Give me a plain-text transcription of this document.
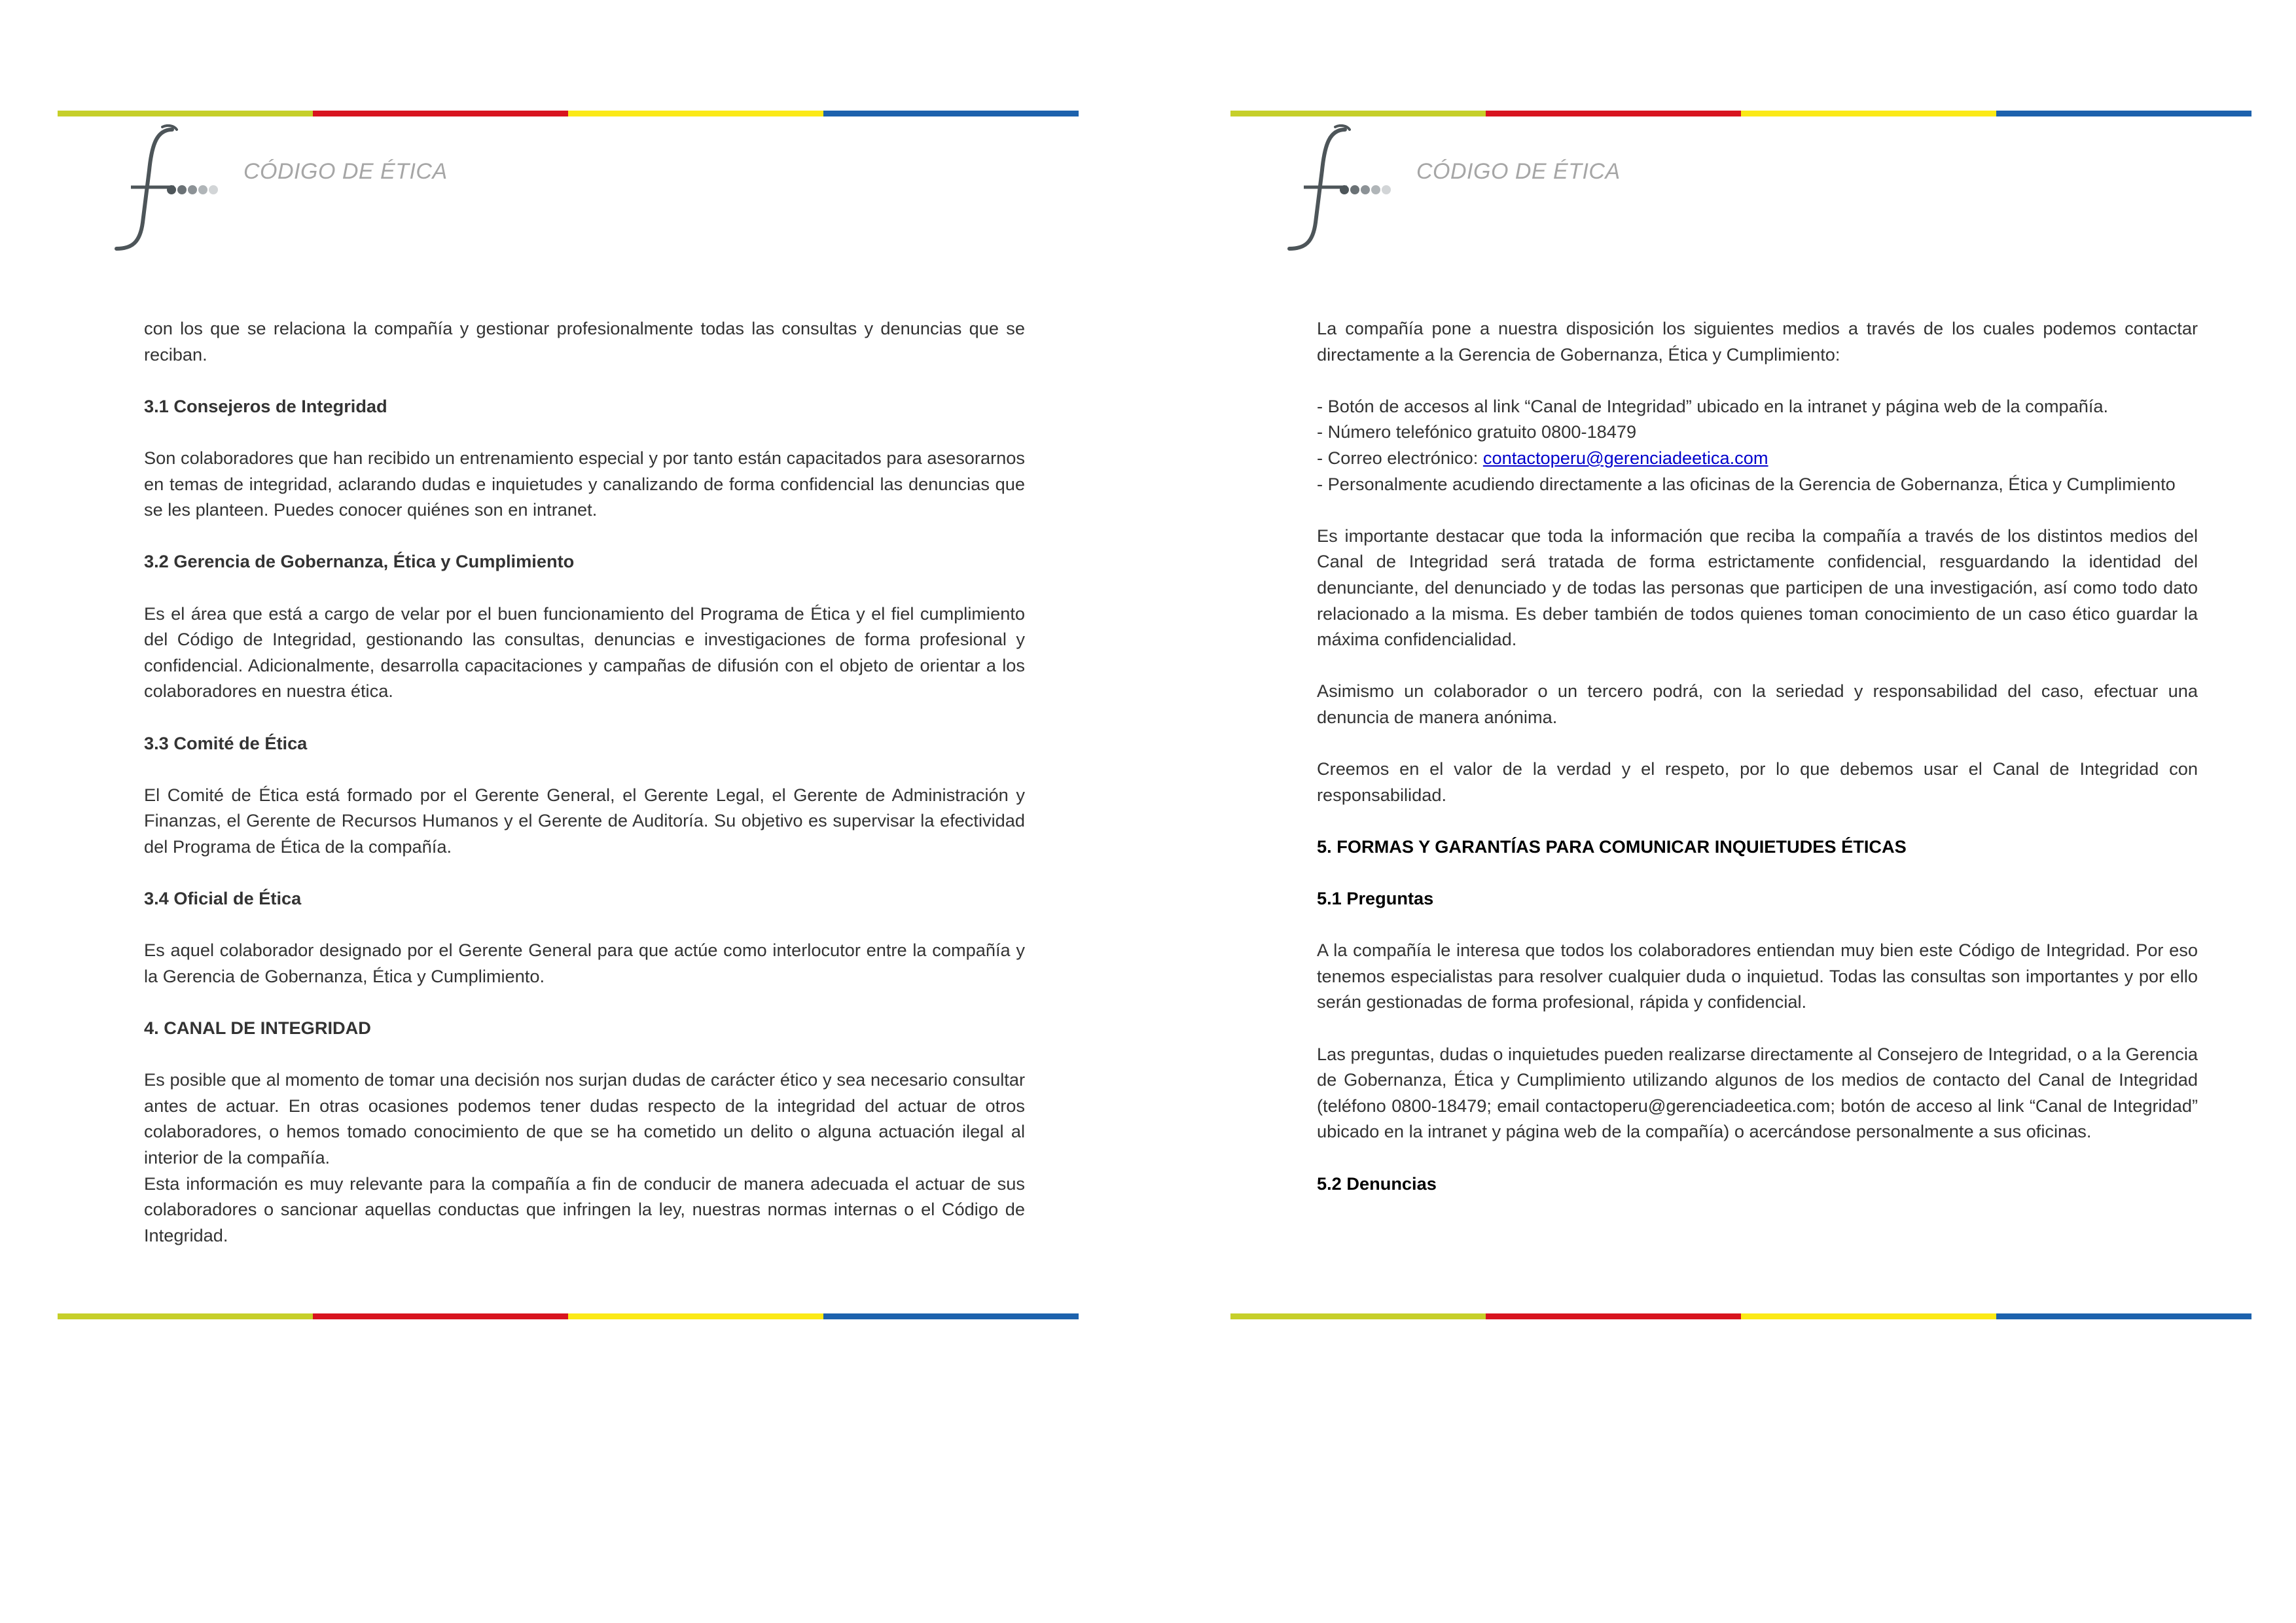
CÓDIGO DE ÉTICA

con los que se relaciona la compañía y gestionar profesionalmente todas las consultas y denuncias que se reciban.

3.1 Consejeros de Integridad

Son colaboradores que han recibido un entrenamiento especial y por tanto están capacitados para asesorarnos en temas de integridad, aclarando dudas e inquietudes y canalizando de forma confidencial las denuncias que se les planteen. Puedes conocer quiénes son en intranet.

3.2 Gerencia de Gobernanza, Ética y Cumplimiento

Es el área que está a cargo de velar por el buen funcionamiento del Programa de Ética y el fiel cumplimiento del Código de Integridad, gestionando las consultas, denuncias e investigaciones de forma profesional y confidencial. Adicionalmente, desarrolla capacitaciones y campañas de difusión con el objeto de orientar a los colaboradores en nuestra ética.

3.3 Comité de Ética

El Comité de Ética está formado por el Gerente General, el Gerente Legal, el Gerente de Administración y Finanzas, el Gerente de Recursos Humanos y el Gerente de Auditoría. Su objetivo es supervisar la efectividad del Programa de Ética de la compañía.

3.4 Oficial de Ética

Es aquel colaborador designado por el Gerente General para que actúe como interlocutor entre la compañía y la Gerencia de Gobernanza, Ética y Cumplimiento.

4. CANAL DE INTEGRIDAD

Es posible que al momento de tomar una decisión nos surjan dudas de carácter ético y sea necesario consultar antes de actuar. En otras ocasiones podemos tener dudas respecto de la integridad del actuar de otros colaboradores, o hemos tomado conocimiento de que se ha cometido un delito o alguna actuación ilegal al interior de la compañía.

Esta información es muy relevante para la compañía a fin de conducir de manera adecuada el actuar de sus colaboradores o sancionar aquellas conductas que infringen la ley, nuestras normas internas o el Código de Integridad.

CÓDIGO DE ÉTICA

La compañía pone a nuestra disposición los siguientes medios a través de los cuales podemos contactar directamente a la Gerencia de Gobernanza, Ética y Cumplimiento:

- Botón de accesos al link “Canal de Integridad” ubicado en la intranet y página web de la compañía.
- Número telefónico gratuito 0800-18479
- Correo electrónico: contactoperu@gerenciadeetica.com
- Personalmente acudiendo directamente a las oficinas de la Gerencia de Gobernanza, Ética y Cumplimiento

Es importante destacar que toda la información que reciba la compañía a través de los distintos medios del Canal de Integridad será tratada de forma estrictamente confidencial, resguardando la identidad del denunciante, del denunciado y de todas las personas que participen de una investigación, así como todo dato relacionado a la misma. Es deber también de todos quienes toman conocimiento de un caso ético guardar la máxima confidencialidad.

Asimismo un colaborador o un tercero podrá, con la seriedad y responsabilidad del caso, efectuar una denuncia de manera anónima.

Creemos en el valor de la verdad y el respeto, por lo que debemos usar el Canal de Integridad con responsabilidad.

5. FORMAS Y GARANTÍAS PARA COMUNICAR INQUIETUDES ÉTICAS

5.1 Preguntas

A la compañía le interesa que todos los colaboradores entiendan muy bien este Código de Integridad. Por eso tenemos especialistas para resolver cualquier duda o inquietud. Todas las consultas son importantes y por ello serán gestionadas de forma profesional, rápida y confidencial.

Las preguntas, dudas o inquietudes pueden realizarse directamente al Consejero de Integridad, o a la Gerencia de Gobernanza, Ética y Cumplimiento utilizando algunos de los medios de contacto del Canal de Integridad (teléfono 0800-18479; email contactoperu@gerenciadeetica.com; botón de acceso al link “Canal de Integridad” ubicado en la intranet y página web de la compañía) o acercándose personalmente a sus oficinas.

5.2 Denuncias
